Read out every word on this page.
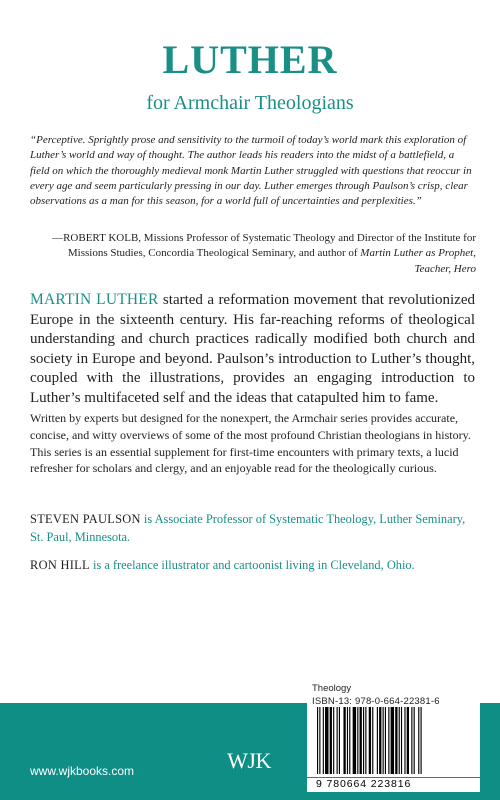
LUTHER
for Armchair Theologians
“Perceptive. Sprightly prose and sensitivity to the turmoil of today’s world mark this exploration of Luther’s world and way of thought. The author leads his readers into the midst of a battlefield, a field on which the thoroughly medieval monk Martin Luther struggled with questions that reoccur in every age and seem particularly pressing in our day. Luther emerges through Paulson’s crisp, clear observations as a man for this season, for a world full of uncertainties and perplexities.”
—ROBERT KOLB, Missions Professor of Systematic Theology and Director of the Institute for Missions Studies, Concordia Theological Seminary, and author of Martin Luther as Prophet, Teacher, Hero
MARTIN LUTHER started a reformation movement that revolutionized Europe in the sixteenth century. His far-reaching reforms of theological understanding and church practices radically modified both church and society in Europe and beyond. Paulson’s introduction to Luther’s thought, coupled with the illustrations, provides an engaging introduction to Luther’s multifaceted self and the ideas that catapulted him to fame.
Written by experts but designed for the nonexpert, the Armchair series provides accurate, concise, and witty overviews of some of the most profound Christian theologians in history. This series is an essential supplement for first-time encounters with primary texts, a lucid refresher for scholars and clergy, and an enjoyable read for the theologically curious.
STEVEN PAULSON is Associate Professor of Systematic Theology, Luther Seminary, St. Paul, Minnesota.
RON HILL is a freelance illustrator and cartoonist living in Cleveland, Ohio.
Theology
ISBN-13: 978-0-664-22381-6
9 780664 223816
www.wjkbooks.com	WJK
